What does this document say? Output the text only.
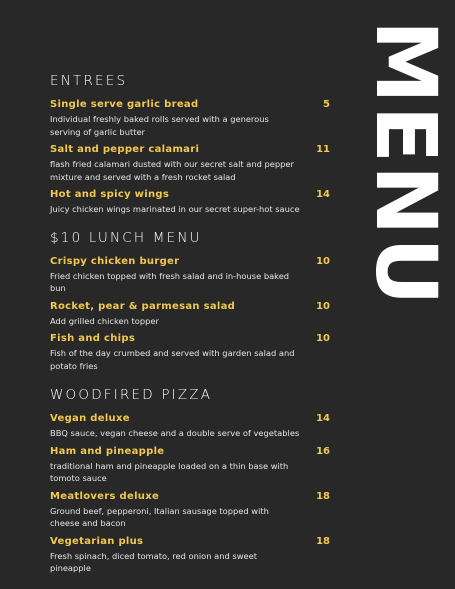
MENU
ENTREES
Single serve garlic bread	5
Individual freshly baked rolls served with a generous serving of garlic butter
Salt and pepper calamari	11
flash fried calamari dusted with our secret salt and pepper mixture and served with a fresh rocket salad
Hot and spicy wings	14
Juicy chicken wings marinated in our secret super-hot sauce
$10 LUNCH MENU
Crispy chicken burger	10
Fried chicken topped with fresh salad and in-house baked bun
Rocket, pear & parmesan salad	10
Add grilled chicken topper
Fish and chips	10
Fish of the day crumbed and served with garden salad and potato fries
WOODFIRED PIZZA
Vegan deluxe	14
BBQ sauce, vegan cheese and a double serve of vegetables
Ham and pineapple	16
traditional ham and pineapple loaded on a thin base with tomoto sauce
Meatlovers deluxe	18
Ground beef, pepperoni, Italian sausage topped with cheese and bacon
Vegetarian plus	18
Fresh spinach, diced tomato, red onion and sweet pineapple
